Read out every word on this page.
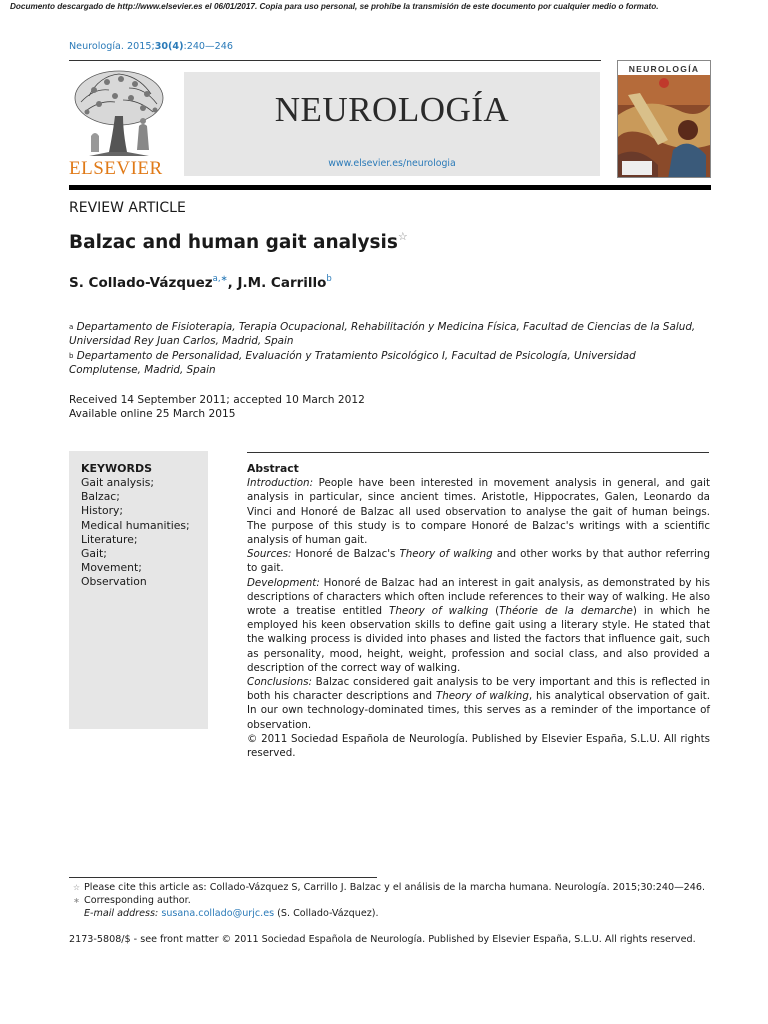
Documento descargado de http://www.elsevier.es el 06/01/2017. Copia para uso personal, se prohíbe la transmisión de este documento por cualquier medio o formato.
Neurología. 2015;30(4):240—246
ELSEVIER
NEUROLOGÍA
www.elsevier.es/neurologia
NEUROLOGÍA
REVIEW ARTICLE
Balzac and human gait analysis☆
S. Collado-Vázquez$^{a,∗}$, J.M. Carrillo$^b$
$^a$ Departamento de Fisioterapia, Terapia Ocupacional, Rehabilitación y Medicina Física, Facultad de Ciencias de la Salud, Universidad Rey Juan Carlos, Madrid, Spain
$^b$ Departamento de Personalidad, Evaluación y Tratamiento Psicológico I, Facultad de Psicología, Universidad Complutense, Madrid, Spain
Received 14 September 2011; accepted 10 March 2012
Available online 25 March 2015
KEYWORDS
Gait analysis;
Balzac;
History;
Medical humanities;
Literature;
Gait;
Movement;
Observation
Abstract
Introduction: People have been interested in movement analysis in general, and gait analysis in particular, since ancient times. Aristotle, Hippocrates, Galen, Leonardo da Vinci and Honoré de Balzac all used observation to analyse the gait of human beings. The purpose of this study is to compare Honoré de Balzac's writings with a scientific analysis of human gait.
Sources: Honoré de Balzac's Theory of walking and other works by that author referring to gait.
Development: Honoré de Balzac had an interest in gait analysis, as demonstrated by his descriptions of characters which often include references to their way of walking. He also wrote a treatise entitled Theory of walking (Théorie de la demarche) in which he employed his keen observation skills to define gait using a literary style. He stated that the walking process is divided into phases and listed the factors that influence gait, such as personality, mood, height, weight, profession and social class, and also provided a description of the correct way of walking.
Conclusions: Balzac considered gait analysis to be very important and this is reflected in both his character descriptions and Theory of walking, his analytical observation of gait. In our own technology-dominated times, this serves as a reminder of the importance of observation.
© 2011 Sociedad Española de Neurología. Published by Elsevier España, S.L.U. All rights reserved.
☆ Please cite this article as: Collado-Vázquez S, Carrillo J. Balzac y el análisis de la marcha humana. Neurología. 2015;30:240—246.
∗ Corresponding author.
E-mail address: susana.collado@urjc.es (S. Collado-Vázquez).
2173-5808/$ - see front matter © 2011 Sociedad Española de Neurología. Published by Elsevier España, S.L.U. All rights reserved.
